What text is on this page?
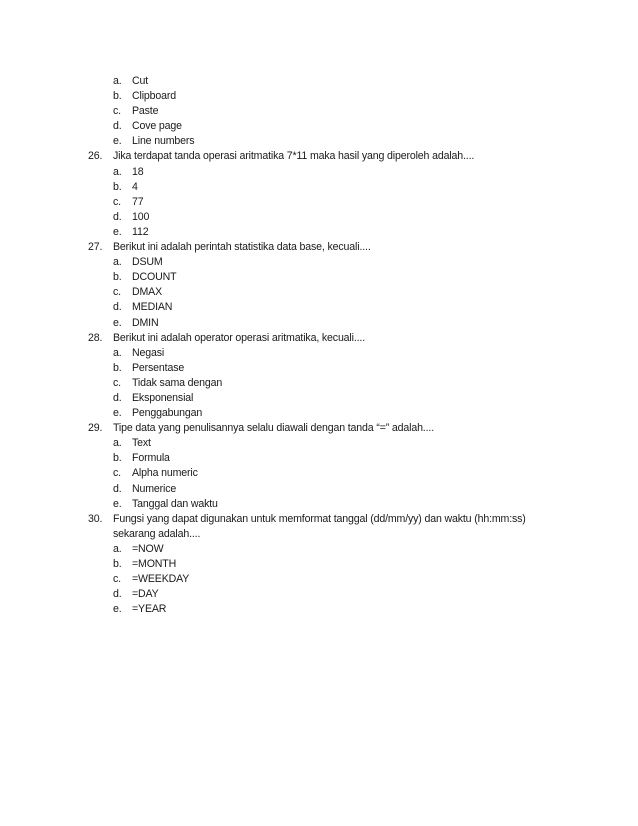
a. Cut
b. Clipboard
c.	Paste
d. Cove page
e. Line numbers
26.	Jika terdapat tanda operasi aritmatika 7*11 maka hasil yang diperoleh adalah....
a. 18
b. 4
c.	77
d. 100
e. 112
27.	Berikut ini adalah perintah statistika data base, kecuali....
a. DSUM
b. DCOUNT
c.	DMAX
d. MEDIAN
e. DMIN
28.	Berikut ini adalah operator operasi aritmatika, kecuali....
a. Negasi
b. Persentase
c.	Tidak sama dengan
d. Eksponensial
e. Penggabungan
29.	Tipe data yang penulisannya selalu diawali dengan tanda “=” adalah....
a. Text
b. Formula
c.	Alpha numeric
d. Numerice
e. Tanggal dan waktu
30.	Fungsi yang dapat digunakan untuk memformat tanggal (dd/mm/yy) dan waktu (hh:mm:ss)
sekarang adalah....
a. =NOW
b. =MONTH
c.	=WEEKDAY
d. =DAY
e. =YEAR
